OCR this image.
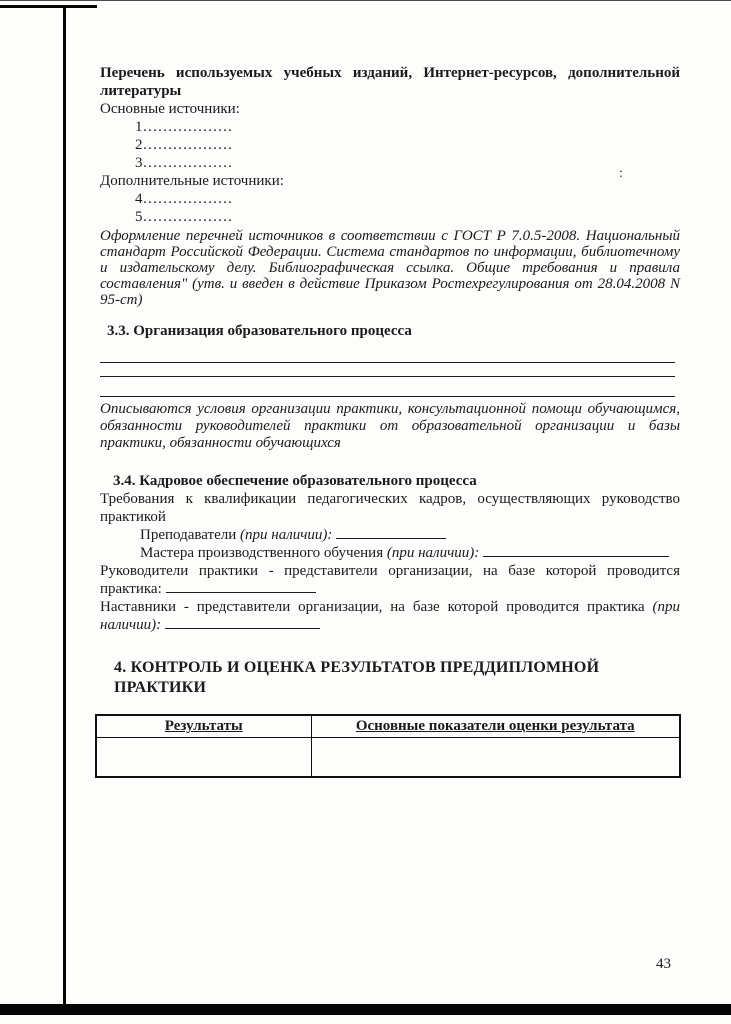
:

Перечень используемых учебных изданий, Интернет-ресурсов, дополнительной литературы

Основные источники:

1………………

2………………

3………………

Дополнительные источники:

4………………

5………………

Оформление перечней источников в соответствии с ГОСТ Р 7.0.5-2008. Национальный стандарт Российской Федерации. Система стандартов по информации, библиотечному и издательскому делу. Библиографическая ссылка. Общие требования и правила составления" (утв. и введен в действие Приказом Ростехрегулирования от 28.04.2008 N 95-ст)

3.3. Организация образовательного процесса

Описываются условия организации практики, консультационной помощи обучающимся, обязанности руководителей практики от образовательной организации и базы практики, обязанности обучающихся

3.4. Кадровое обеспечение образовательного процесса

Требования к квалификации педагогических кадров, осуществляющих руководство практикой

Преподаватели (при наличии):

Мастера производственного обучения (при наличии):

Руководители практики - представители организации, на базе которой проводится практика:

Наставники - представители организации, на базе которой проводится практика (при наличии):

4. КОНТРОЛЬ И ОЦЕНКА РЕЗУЛЬТАТОВ ПРЕДДИПЛОМНОЙ ПРАКТИКИ

Результаты	Основные показатели оценки результата

43
